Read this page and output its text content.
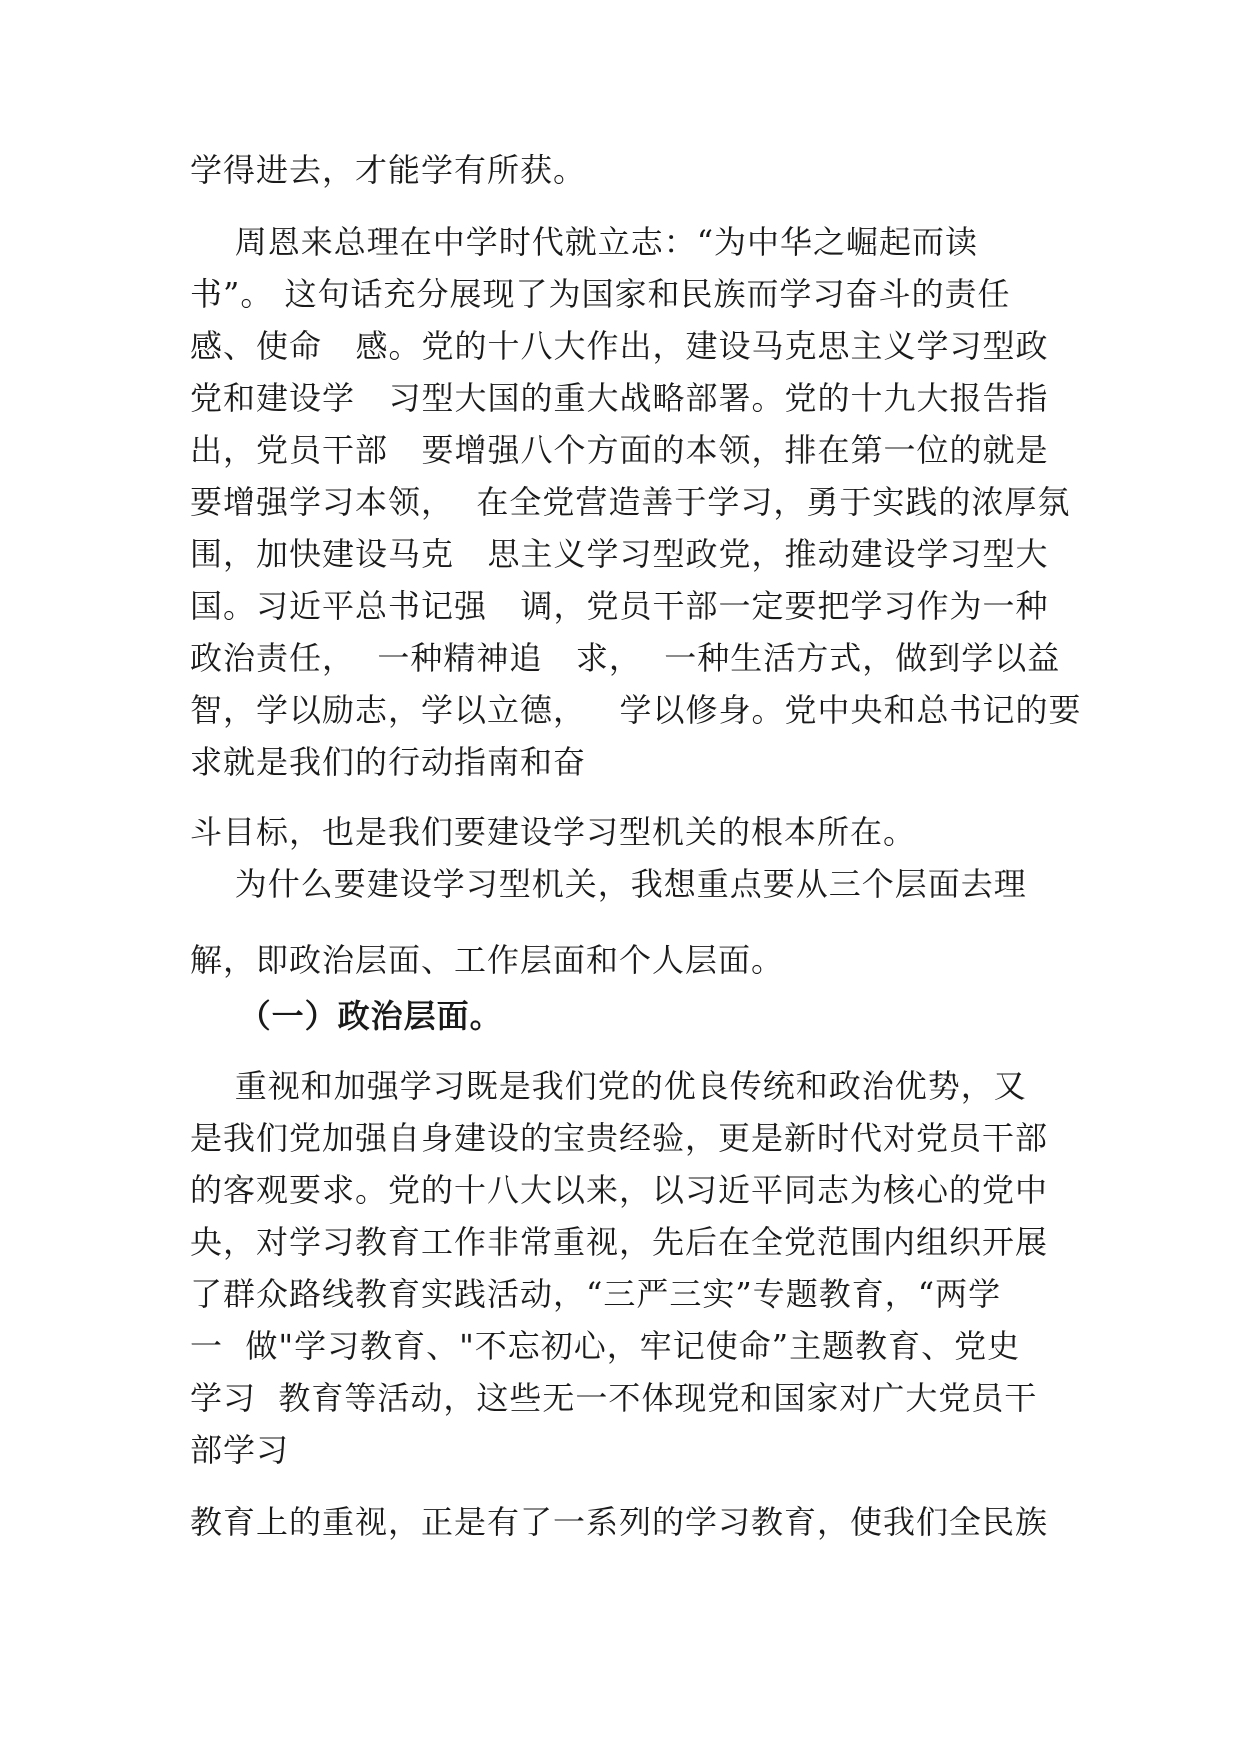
学得进去，才能学有所获。
周恩来总理在中学时代就立志：“为中华之崛起而读
书”。 这句话充分展现了为国家和民族而学习奋斗的责任
感、使命   感。党的十八大作出，建设马克思主义学习型政
党和建设学   习型大国的重大战略部署。党的十九大报告指
出，党员干部   要增强八个方面的本领，排在第一位的就是
要增强学习本领，  在全党营造善于学习，勇于实践的浓厚氛
围，加快建设马克   思主义学习型政党，推动建设学习型大
国。习近平总书记强   调，党员干部一定要把学习作为一种
政治责任，  一种精神追   求，  一种生活方式，做到学以益
智，学以励志，学以立德，   学以修身。党中央和总书记的要
求就是我们的行动指南和奋
斗目标，也是我们要建设学习型机关的根本所在。
为什么要建设学习型机关，我想重点要从三个层面去理
解，即政治层面、工作层面和个人层面。
（一）政治层面。
重视和加强学习既是我们党的优良传统和政治优势，又
是我们党加强自身建设的宝贵经验，更是新时代对党员干部
的客观要求。党的十八大以来，以习近平同志为核心的党中
央，对学习教育工作非常重视，先后在全党范围内组织开展
了群众路线教育实践活动，“三严三实”专题教育，“两学
一  做"学习教育、"不忘初心，牢记使命”主题教育、党史
学习  教育等活动，这些无一不体现党和国家对广大党员干
部学习
教育上的重视，正是有了一系列的学习教育，使我们全民族
